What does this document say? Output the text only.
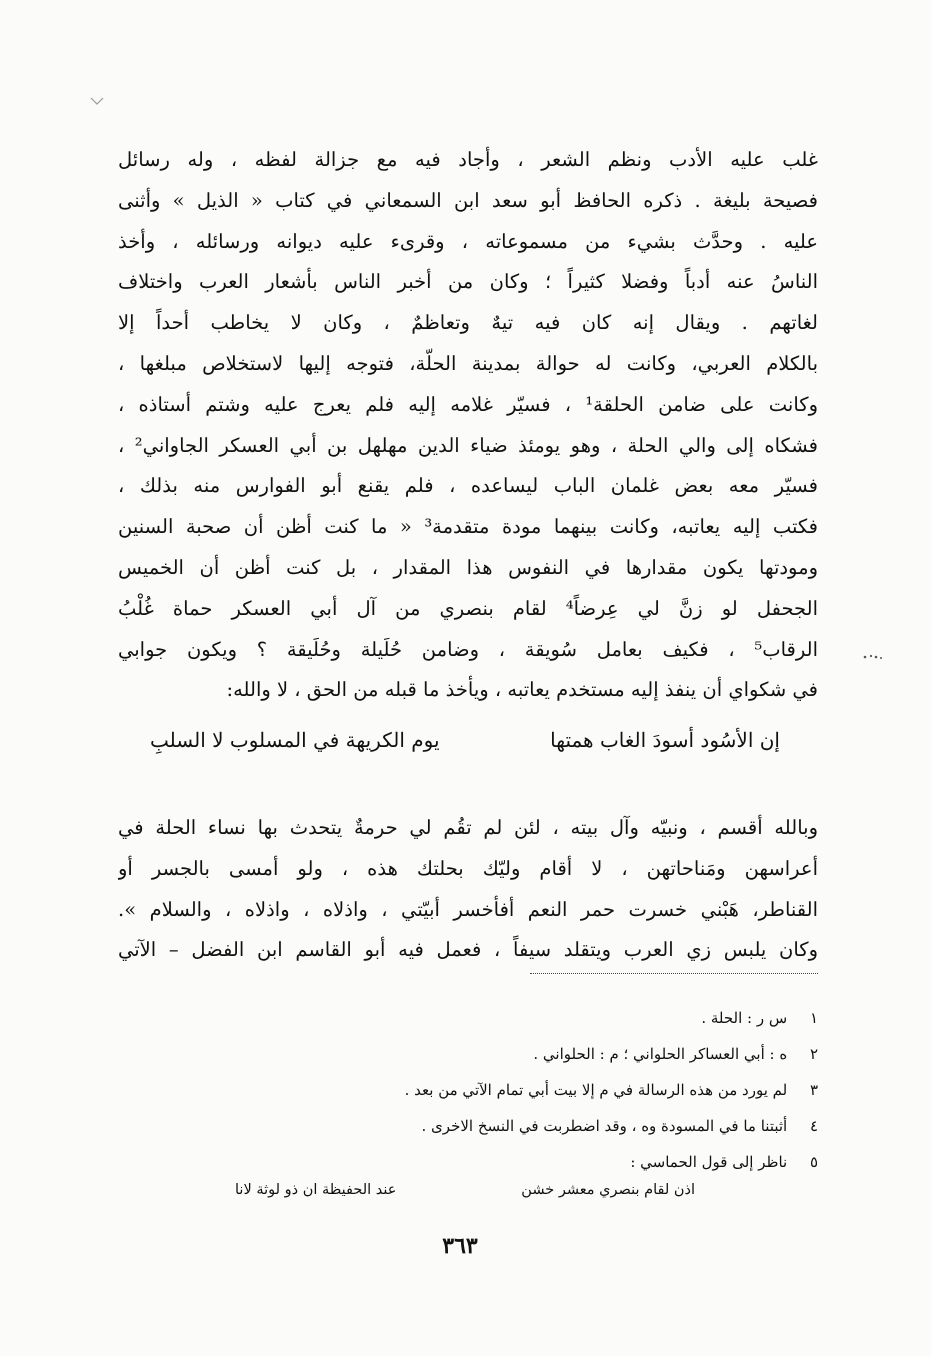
غلب عليه الأدب ونظم الشعر ، وأجاد فيه مع جزالة لفظه ، وله رسائل
فصيحة بليغة . ذكره الحافظ أبو سعد ابن السمعاني في كتاب « الذيل » وأثنى
عليه . وحدَّث بشيء من مسموعاته ، وقرىء عليه ديوانه ورسائله ، وأخذ
الناسُ عنه أدباً وفضلا كثيراً ؛ وكان من أخبر الناس بأشعار العرب واختلاف
لغاتهم . ويقال إنه كان فيه تيهٌ وتعاظمٌ ، وكان لا يخاطب أحداً إلا
بالكلام العربي، وكانت له حوالة بمدينة الحلّة، فتوجه إليها لاستخلاص مبلغها ،
وكانت على ضامن الحلقة¹ ، فسيّر غلامه إليه فلم يعرج عليه وشتم أستاذه ،
فشكاه إلى والي الحلة ، وهو يومئذ ضياء الدين مهلهل بن أبي العسكر الجاواني² ،
فسيّر معه بعض غلمان الباب ليساعده ، فلم يقنع أبو الفوارس منه بذلك ،
فكتب إليه يعاتبه، وكانت بينهما مودة متقدمة³ « ما كنت أظن أن صحبة السنين
ومودتها يكون مقدارها في النفوس هذا المقدار ، بل كنت أظن أن الخميس
الجحفل لو زنَّ لي عِرضاً⁴ لقام بنصري من آل أبي العسكر حماة غُلْبُ
الرقاب⁵ ، فكيف بعامل سُويقة ، وضامن حُلَيلة وحُلَيقة ؟ ويكون جوابي
في شكواي أن ينفذ إليه مستخدم يعاتبه ، ويأخذ ما قبله من الحق ، لا والله:
إن الأسُود أسودَ الغاب همتها
يوم الكريهة في المسلوب لا السلبِ
وبالله أقسم ، ونبيّه وآل بيته ، لئن لم تقُم لي حرمةٌ يتحدث بها نساء الحلة في
أعراسهن ومَناحاتهن ، لا أقام وليّك بحلتك هذه ، ولو أمسى بالجسر أو
القناطر، هَبْني خسرت حمر النعم أفأخسر أبيّتي ، واذلاه ، واذلاه ، والسلام ».
وكان يلبس زي العرب ويتقلد سيفاً ، فعمل فيه أبو القاسم ابن الفضل – الآتي
١ س ر : الحلة .
٢ ه : أبي العساكر الحلواني ؛ م : الحلواني .
٣ لم يورد من هذه الرسالة في م إلا بيت أبي تمام الآتي من بعد .
٤ أثبتنا ما في المسودة وه ، وقد اضطربت في النسخ الاخرى .
٥ ناظر إلى قول الحماسي :
اذن لقام بنصري معشر خشن
عند الحفيظة ان ذو لوثة لانا
٣٦٣
